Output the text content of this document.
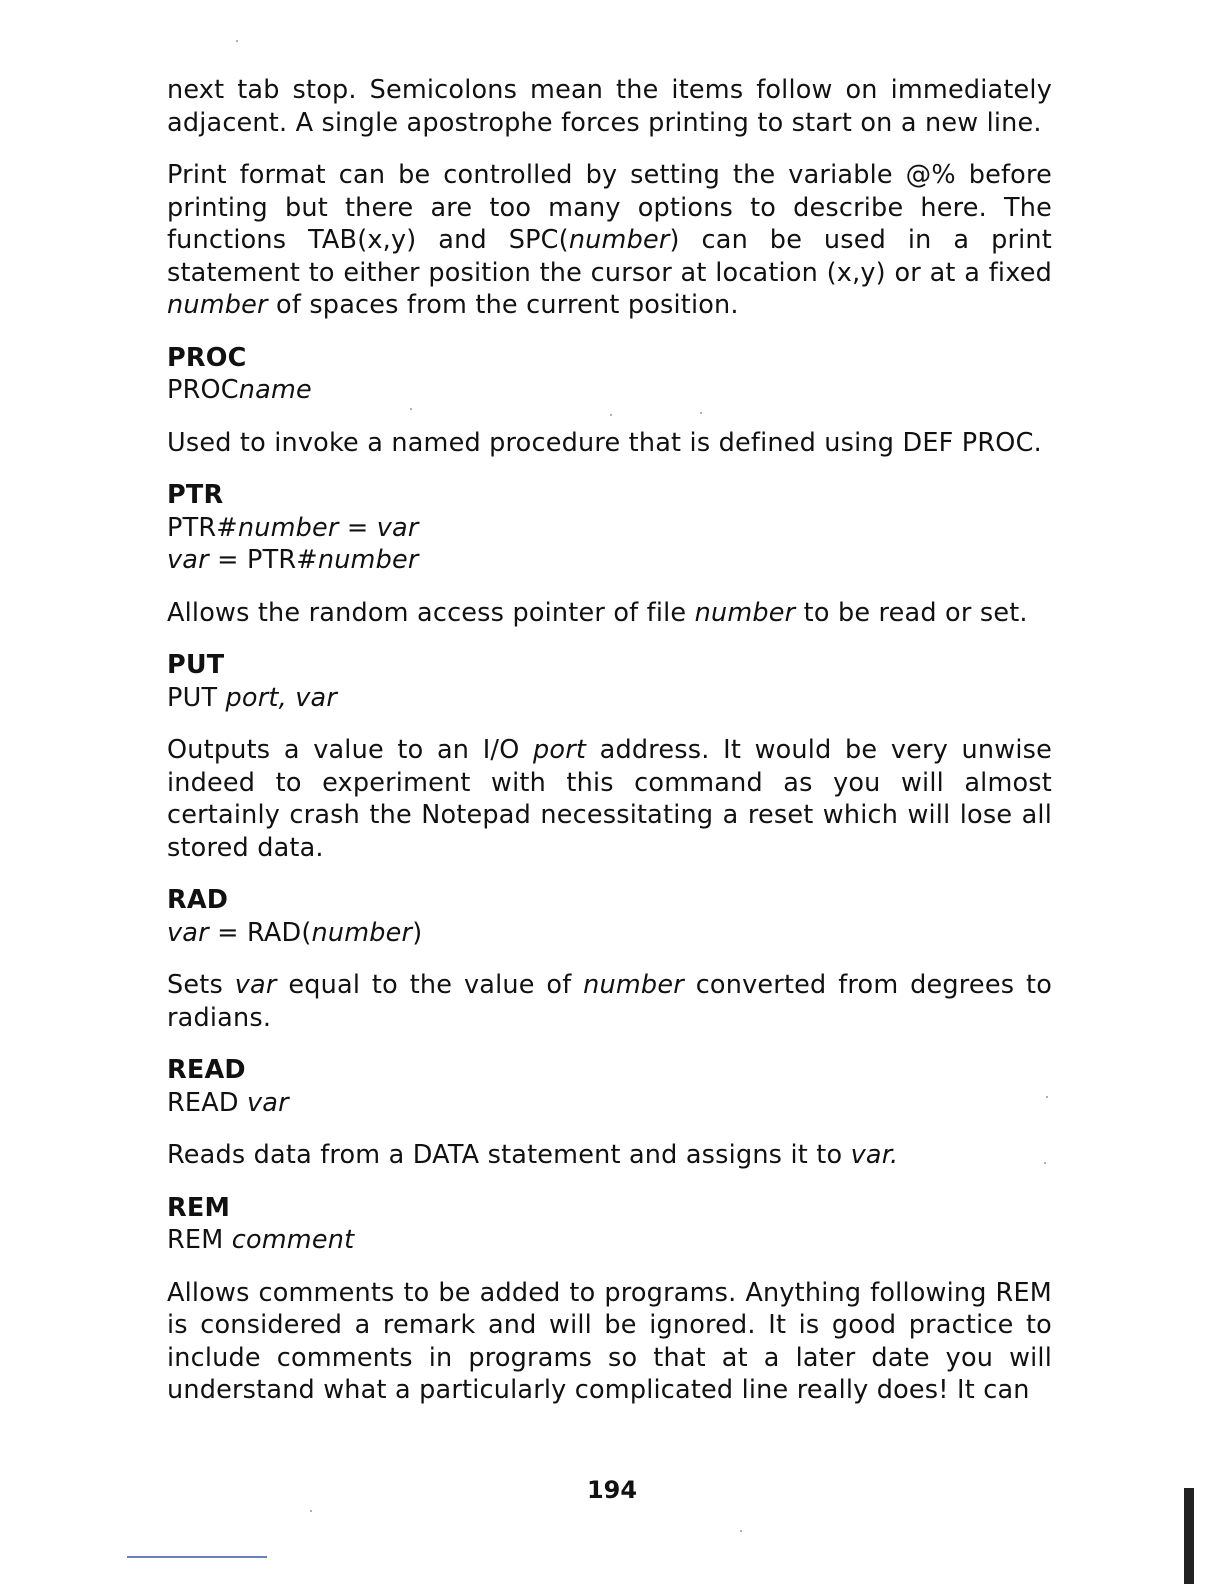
next tab stop. Semicolons mean the items follow on immediately adjacent. A single apostrophe forces printing to start on a new line.

Print format can be controlled by setting the variable @% before printing but there are too many options to describe here. The functions TAB(x,y) and SPC(number) can be used in a print statement to either position the cursor at location (x,y) or at a fixed number of spaces from the current position.

PROC
PROCname

Used to invoke a named procedure that is defined using DEF PROC.

PTR
PTR#number = var
var = PTR#number

Allows the random access pointer of file number to be read or set.

PUT
PUT port, var

Outputs a value to an I/O port address. It would be very unwise indeed to experiment with this command as you will almost certainly crash the Notepad necessitating a reset which will lose all stored data.

RAD
var = RAD(number)

Sets var equal to the value of number converted from degrees to radians.

READ
READ var

Reads data from a DATA statement and assigns it to var.

REM
REM comment

Allows comments to be added to programs. Anything following REM is considered a remark and will be ignored. It is good practice to include comments in programs so that at a later date you will understand what a particularly complicated line really does! It can

194
